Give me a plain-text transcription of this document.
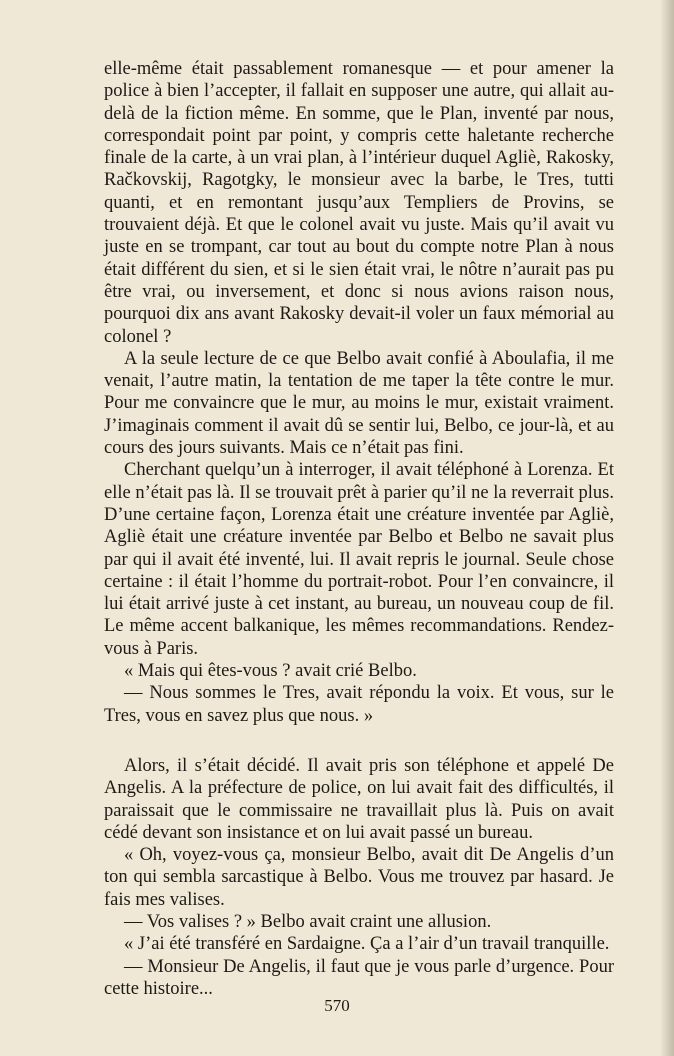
elle-même était passablement romanesque — et pour amener la police à bien l’accepter, il fallait en supposer une autre, qui allait au-delà de la fiction même. En somme, que le Plan, inventé par nous, correspondait point par point, y compris cette haletante recherche finale de la carte, à un vrai plan, à l’intérieur duquel Agliè, Rakosky, Račkovskij, Ragotgky, le monsieur avec la barbe, le Tres, tutti quanti, et en remontant jusqu’aux Templiers de Provins, se trouvaient déjà. Et que le colonel avait vu juste. Mais qu’il avait vu juste en se trompant, car tout au bout du compte notre Plan à nous était différent du sien, et si le sien était vrai, le nôtre n’aurait pas pu être vrai, ou inversement, et donc si nous avions raison nous, pourquoi dix ans avant Rakosky devait-il voler un faux mémorial au colonel ?

A la seule lecture de ce que Belbo avait confié à Aboulafia, il me venait, l’autre matin, la tentation de me taper la tête contre le mur. Pour me convaincre que le mur, au moins le mur, existait vraiment. J’imaginais comment il avait dû se sentir lui, Belbo, ce jour-là, et au cours des jours suivants. Mais ce n’était pas fini.

Cherchant quelqu’un à interroger, il avait téléphoné à Lorenza. Et elle n’était pas là. Il se trouvait prêt à parier qu’il ne la reverrait plus. D’une certaine façon, Lorenza était une créature inventée par Agliè, Agliè était une créature inventée par Belbo et Belbo ne savait plus par qui il avait été inventé, lui. Il avait repris le journal. Seule chose certaine : il était l’homme du portrait-robot. Pour l’en convaincre, il lui était arrivé juste à cet instant, au bureau, un nouveau coup de fil. Le même accent balkanique, les mêmes recommandations. Rendez-vous à Paris.

« Mais qui êtes-vous ? avait crié Belbo.

— Nous sommes le Tres, avait répondu la voix. Et vous, sur le Tres, vous en savez plus que nous. »

Alors, il s’était décidé. Il avait pris son téléphone et appelé De Angelis. A la préfecture de police, on lui avait fait des difficultés, il paraissait que le commissaire ne travaillait plus là. Puis on avait cédé devant son insistance et on lui avait passé un bureau.

« Oh, voyez-vous ça, monsieur Belbo, avait dit De Angelis d’un ton qui sembla sarcastique à Belbo. Vous me trouvez par hasard. Je fais mes valises.

— Vos valises ? » Belbo avait craint une allusion.

« J’ai été transféré en Sardaigne. Ça a l’air d’un travail tranquille.

— Monsieur De Angelis, il faut que je vous parle d’urgence. Pour cette histoire...

570
